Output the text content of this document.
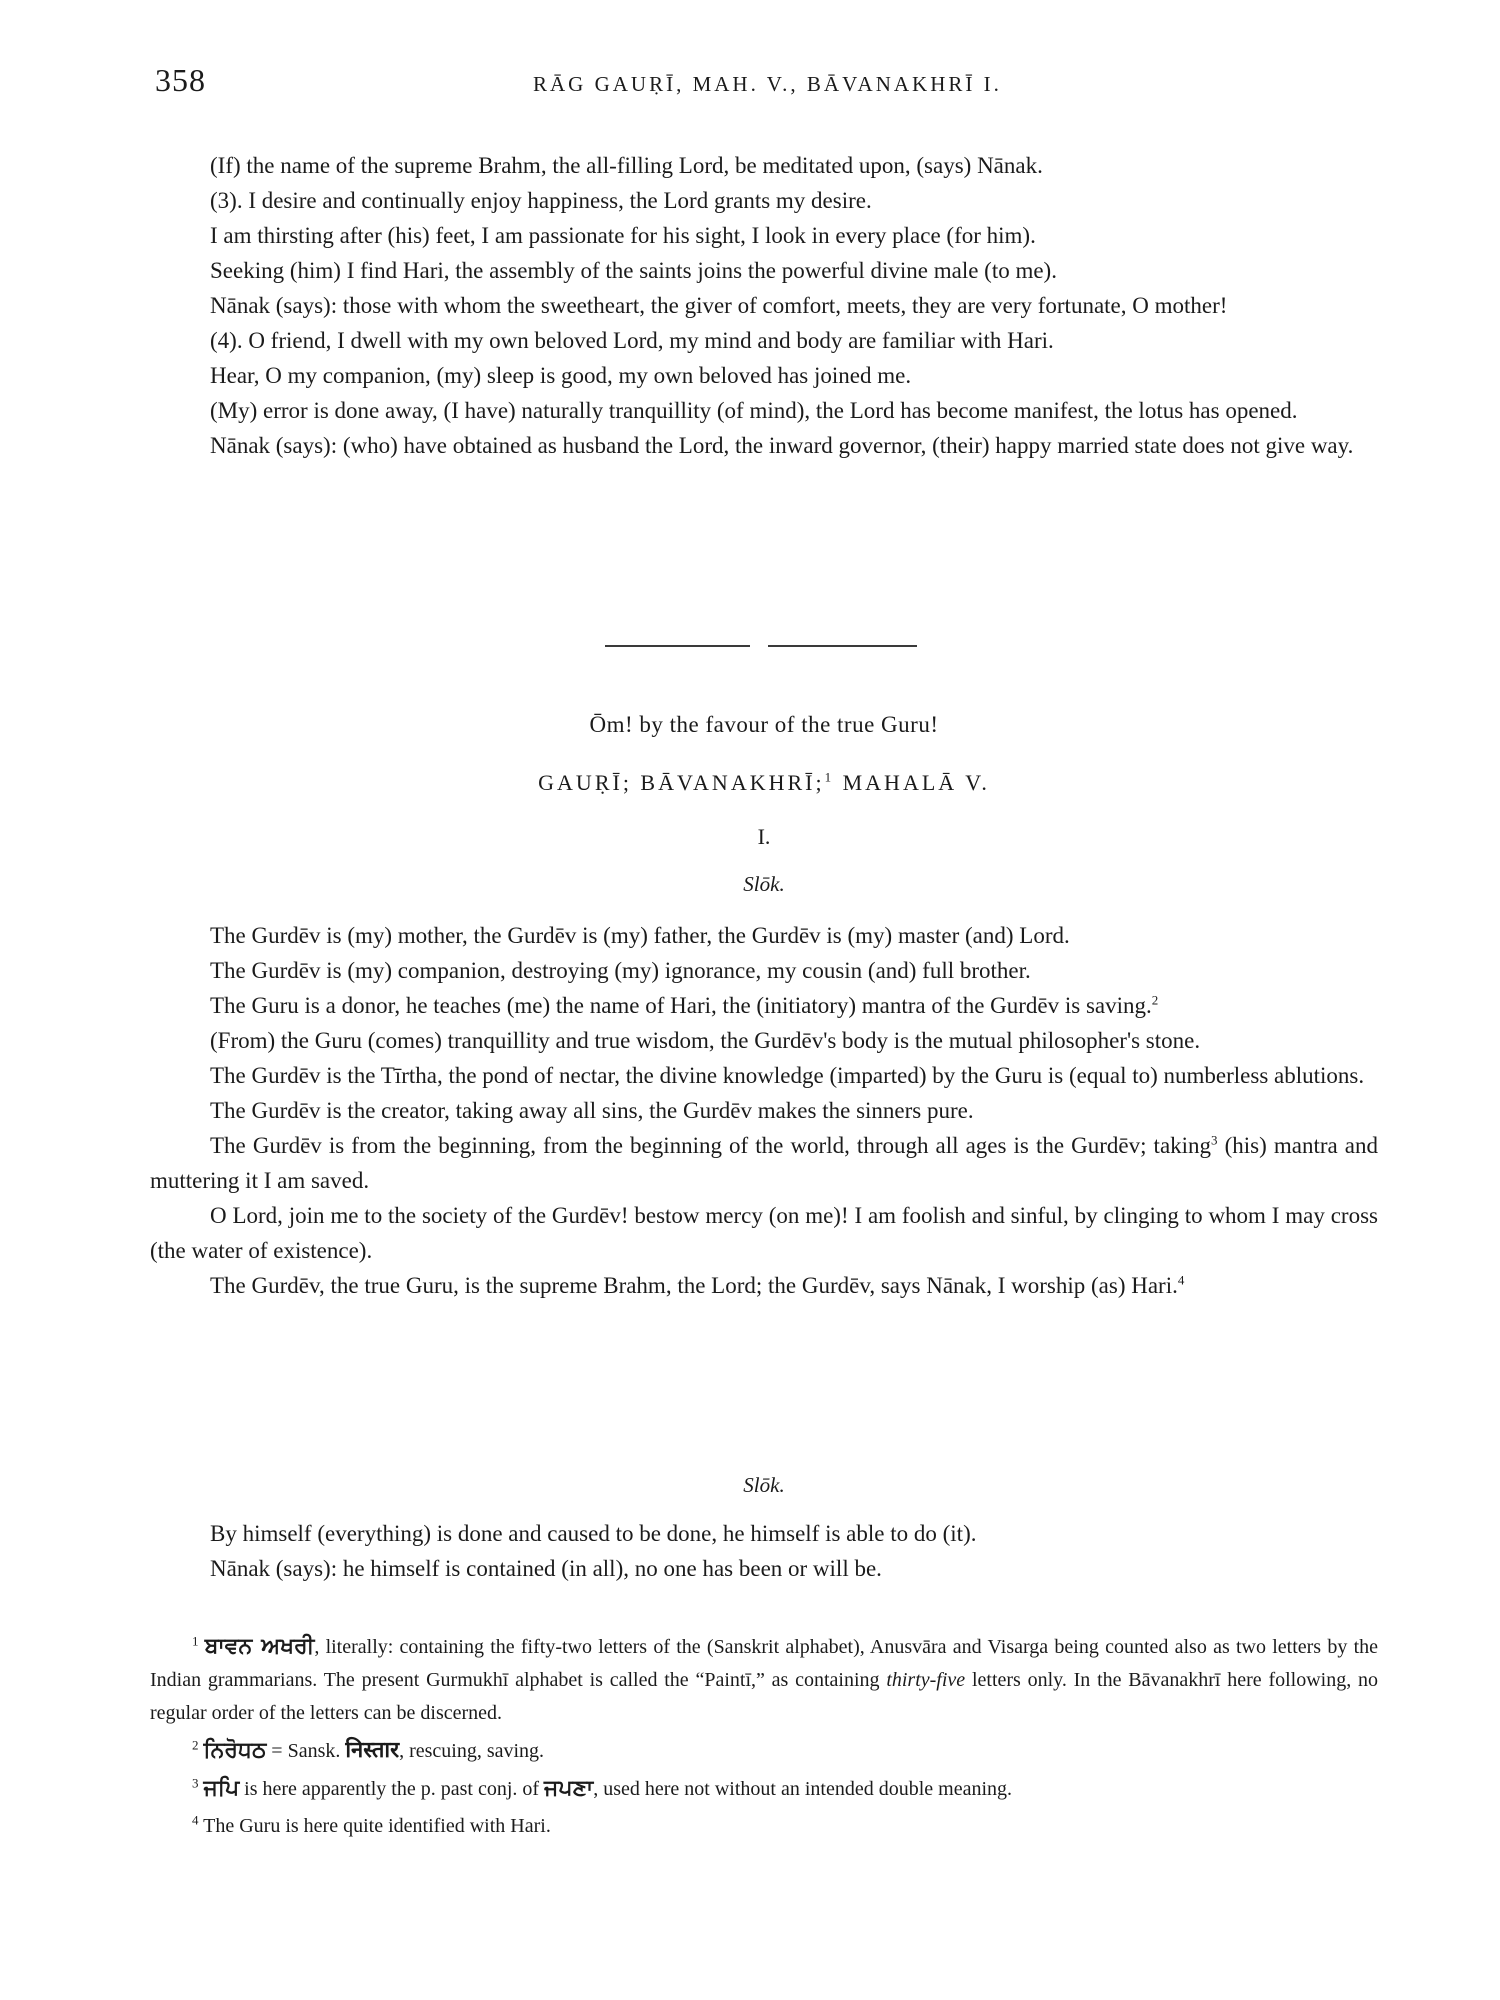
358	RĀG GAUṚĪ, MAH. V., BĀVANAKHRĪ I.

(If) the name of the supreme Brahm, the all-filling Lord, be meditated upon, (says) Nānak.

(3). I desire and continually enjoy happiness, the Lord grants my desire.

I am thirsting after (his) feet, I am passionate for his sight, I look in every place (for him).

Seeking (him) I find Hari, the assembly of the saints joins the powerful divine male (to me).

Nānak (says): those with whom the sweetheart, the giver of comfort, meets, they are very fortunate, O mother!

(4). O friend, I dwell with my own beloved Lord, my mind and body are familiar with Hari.

Hear, O my companion, (my) sleep is good, my own beloved has joined me.

(My) error is done away, (I have) naturally tranquillity (of mind), the Lord has become manifest, the lotus has opened.

Nānak (says): (who) have obtained as husband the Lord, the inward governor, (their) happy married state does not give way.

Ōm! by the favour of the true Guru!
GAUṚĪ; BĀVANAKHRĪ;$^1$ MAHALĀ V.
I.
Slōk.

The Gurdēv is (my) mother, the Gurdēv is (my) father, the Gurdēv is (my) master (and) Lord.

The Gurdēv is (my) companion, destroying (my) ignorance, my cousin (and) full brother.

The Guru is a donor, he teaches (me) the name of Hari, the (initiatory) mantra of the Gurdēv is saving.$^2$

(From) the Guru (comes) tranquillity and true wisdom, the Gurdēv's body is the mutual philosopher's stone.

The Gurdēv is the Tīrtha, the pond of nectar, the divine knowledge (imparted) by the Guru is (equal to) numberless ablutions.

The Gurdēv is the creator, taking away all sins, the Gurdēv makes the sinners pure.

The Gurdēv is from the beginning, from the beginning of the world, through all ages is the Gurdēv; taking$^3$ (his) mantra and muttering it I am saved.

O Lord, join me to the society of the Gurdēv! bestow mercy (on me)! I am foolish and sinful, by clinging to whom I may cross (the water of existence).

The Gurdēv, the true Guru, is the supreme Brahm, the Lord; the Gurdēv, says Nānak, I worship (as) Hari.$^4$

Slōk.

By himself (everything) is done and caused to be done, he himself is able to do (it).

Nānak (says): he himself is contained (in all), no one has been or will be.

$^1$ ਬਾਵਨ ਅਖਰੀ, literally: containing the fifty-two letters of the (Sanskrit alphabet), Anusvāra and Visarga being counted also as two letters by the Indian grammarians. The present Gurmukhī alphabet is called the “Paintī,” as containing thirty-five letters only. In the Bāvanakhrī here following, no regular order of the letters can be discerned.

$^2$ ਨਿਰੋਧਠ = Sansk. निस्तार, rescuing, saving.

$^3$ ਜਪਿ is here apparently the p. past conj. of ਜਪਣਾ, used here not without an intended double meaning.

$^4$ The Guru is here quite identified with Hari.
